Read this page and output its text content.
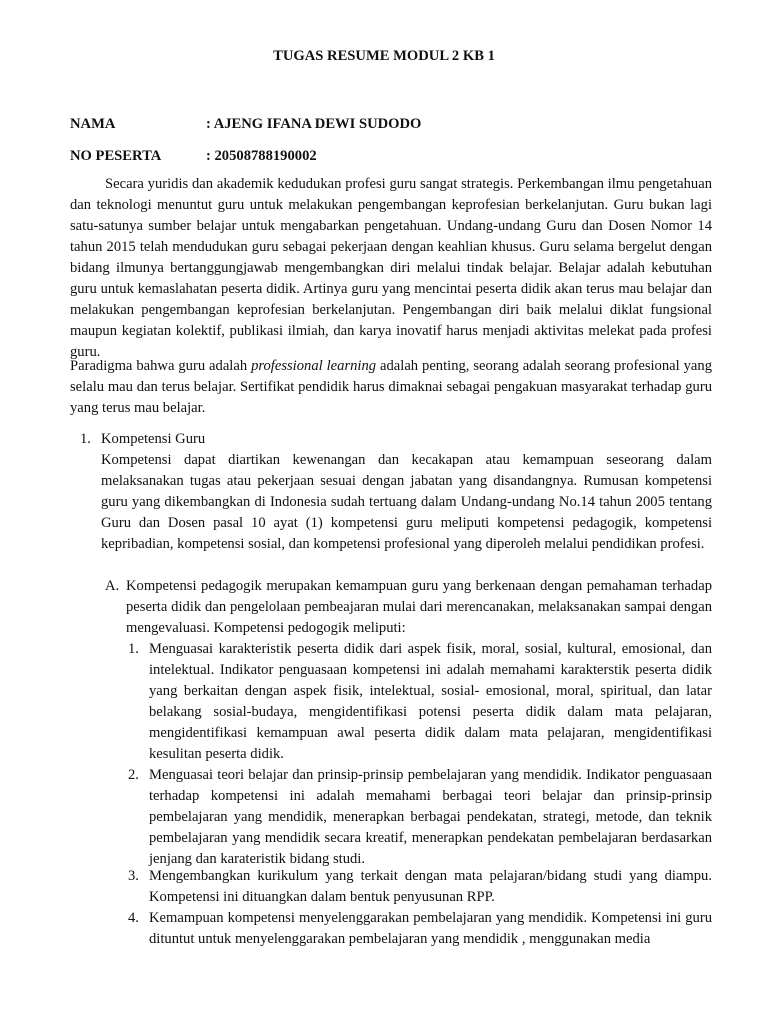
TUGAS RESUME MODUL 2 KB 1
NAMA	: AJENG IFANA DEWI SUDODO
NO PESERTA	: 20508788190002

Secara yuridis dan akademik kedudukan profesi guru sangat strategis. Perkembangan ilmu pengetahuan dan teknologi menuntut guru untuk melakukan pengembangan keprofesian berkelanjutan. Guru bukan lagi satu-satunya sumber belajar untuk mengabarkan pengetahuan. Undang-undang Guru dan Dosen Nomor 14 tahun 2015 telah mendudukan guru sebagai pekerjaan dengan keahlian khusus. Guru selama bergelut dengan bidang ilmunya bertanggungjawab mengembangkan diri melalui tindak belajar. Belajar adalah kebutuhan guru untuk kemaslahatan peserta didik. Artinya guru yang mencintai peserta didik akan terus mau belajar dan melakukan pengembangan keprofesian berkelanjutan. Pengembangan diri baik melalui diklat fungsional maupun kegiatan kolektif, publikasi ilmiah, dan karya inovatif harus menjadi aktivitas melekat pada profesi guru.

Paradigma bahwa guru adalah professional learning adalah penting, seorang adalah seorang profesional yang selalu mau dan terus belajar. Sertifikat pendidik harus dimaknai sebagai pengakuan masyarakat terhadap guru yang terus mau belajar.

1. Kompetensi Guru

Kompetensi dapat diartikan kewenangan dan kecakapan atau kemampuan seseorang dalam melaksanakan tugas atau pekerjaan sesuai dengan jabatan yang disandangnya. Rumusan kompetensi guru yang dikembangkan di Indonesia sudah tertuang dalam Undang-undang No.14 tahun 2005 tentang Guru dan Dosen pasal 10 ayat (1) kompetensi guru meliputi kompetensi pedagogik, kompetensi kepribadian, kompetensi sosial, dan kompetensi profesional yang diperoleh melalui pendidikan profesi.

A. Kompetensi pedagogik merupakan kemampuan guru yang berkenaan dengan pemahaman terhadap peserta didik dan pengelolaan pembeajaran mulai dari merencanakan, melaksanakan sampai dengan mengevaluasi. Kompetensi pedogogik meliputi:

1. Menguasai karakteristik peserta didik dari aspek fisik, moral, sosial, kultural, emosional, dan intelektual. Indikator penguasaan kompetensi ini adalah memahami karakterstik peserta didik yang berkaitan dengan aspek fisik, intelektual, sosial- emosional, moral, spiritual, dan latar belakang sosial-budaya, mengidentifikasi potensi peserta didik dalam mata pelajaran, mengidentifikasi kemampuan awal peserta didik dalam mata pelajaran, mengidentifikasi kesulitan peserta didik.

2. Menguasai teori belajar dan prinsip-prinsip pembelajaran yang mendidik. Indikator penguasaan terhadap kompetensi ini adalah memahami berbagai teori belajar dan prinsip-prinsip pembelajaran yang mendidik, menerapkan berbagai pendekatan, strategi, metode, dan teknik pembelajaran yang mendidik secara kreatif, menerapkan pendekatan pembelajaran berdasarkan jenjang dan karateristik bidang studi.

3. Mengembangkan kurikulum yang terkait dengan mata pelajaran/bidang studi yang diampu. Kompetensi ini dituangkan dalam bentuk penyusunan RPP.

4. Kemampuan kompetensi menyelenggarakan pembelajaran yang mendidik. Kompetensi ini guru dituntut untuk menyelenggarakan pembelajaran yang mendidik , menggunakan media
